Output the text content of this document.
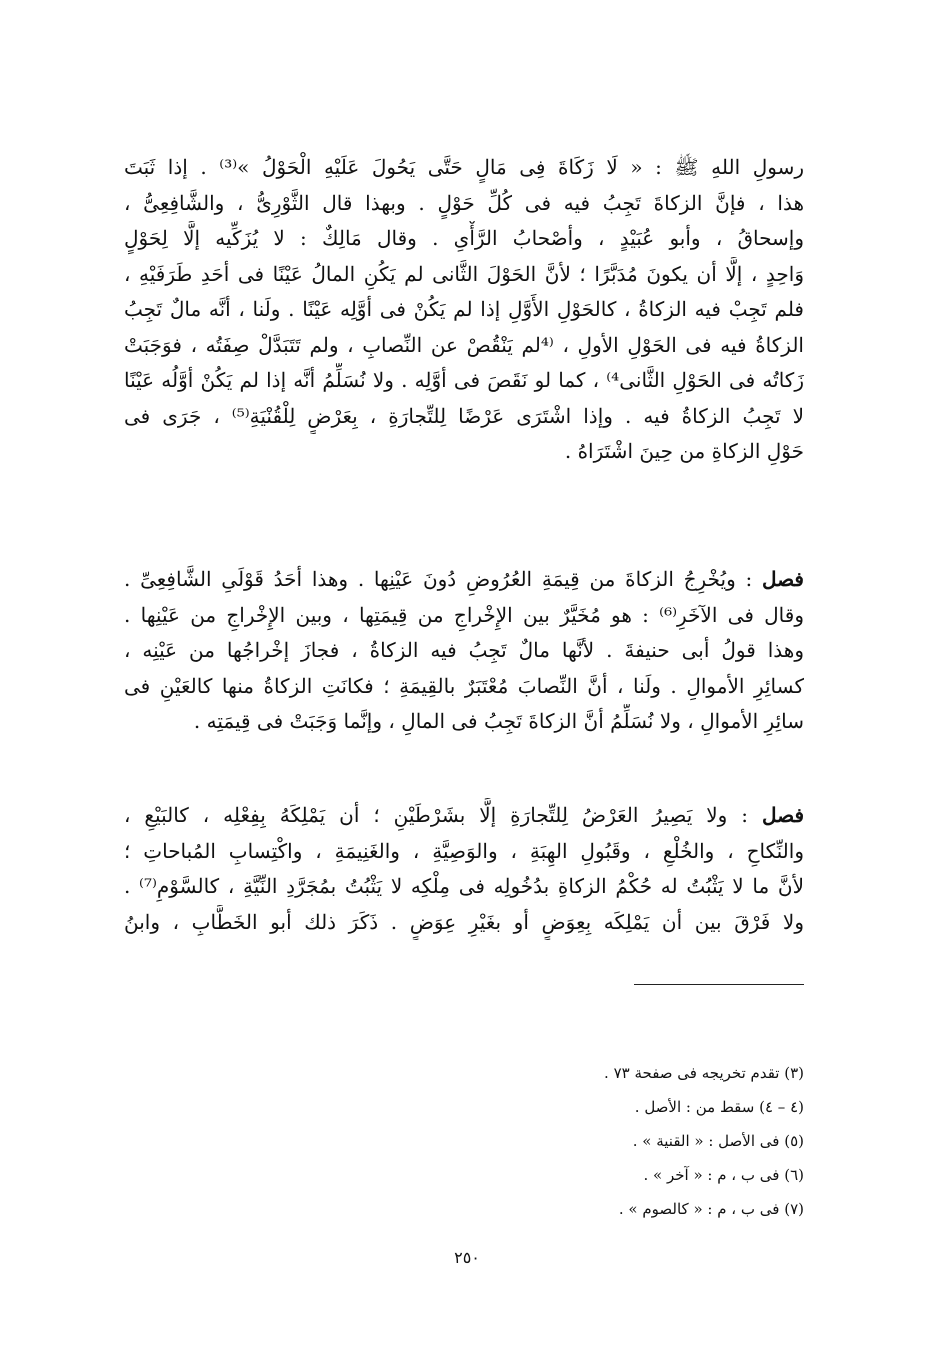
رسولِ اللهِ ﷺ : « لَا زَكَاةَ فِى مَالٍ حَتَّى يَحُولَ عَلَيْهِ الْحَوْلُ »⁽³⁾ . إذا ثَبَتَ
هذا ، فإنَّ الزكاةَ تَجِبُ فيه فى كُلِّ حَوْلٍ . وبهذا قال الثَّوْرِىُّ ، والشَّافِعِىُّ ،
وإسحاقُ ، وأبو عُبَيْدٍ ، وأصْحابُ الرَّأْىِ . وقال مَالِكٌ : لا يُزَكِّيه إلَّا لِحَوْلٍ
وَاحِدٍ ، إلَّا أن يكونَ مُدَبَّرًا ؛ لأنَّ الحَوْلَ الثَّانى لم يَكُنِ المالُ عَيْنًا فى أحَدِ طَرَفَيْهِ ،
فلم تَجِبْ فيه الزكاةُ ، كالحَوْلِ الأَوَّلِ إذا لم يَكُنْ فى أوَّلِه عَيْنًا . ولَنا ، أنَّه مالٌ تَجِبُ
الزكاةُ فيه فى الحَوْلِ الأولِ ، ⁽⁴لم يَنْقُصْ عن النِّصابِ ، ولم تَتَبَدَّلْ صِفَتُه ، فوَجَبَتْ
زَكاتُه فى الحَوْلِ الثَّانى⁴⁾ ، كما لو نَقَصَ فى أوَّلِه . ولا نُسَلِّمُ أنَّه إذا لم يَكُنْ أوَّلُه عَيْنًا
لا تَجِبُ الزكاةُ فيه . وإذا اشْتَرَى عَرْضًا لِلتِّجارَةِ ، بِعَرْضٍ لِلْقُنْيَةِ⁽⁵⁾ ، جَرَى فى
حَوْلِ الزكاةِ من حِينَ اشْتَرَاهُ .
فصل : ويُخْرِجُ الزكاةَ من قِيمَةِ العُرُوضِ دُونَ عَيْنِها . وهذا أحَدُ قَوْلَىِ الشَّافِعِىِّ .
وقال فى الآخَرِ⁽⁶⁾ : هو مُخَيَّرٌ بين الإِخْراجِ من قِيمَتِها ، وبين الإِخْراجِ من عَيْنِها .
وهذا قولُ أبى حنيفةَ . لأنَّها مالٌ تَجِبُ فيه الزكاةُ ، فجازَ إخْراجُها من عَيْنِه ،
كسائِرِ الأموالِ . ولَنا ، أنَّ النِّصابَ مُعْتَبَرٌ بالقِيمَةِ ؛ فكانَتِ الزكاةُ منها كالعَيْنِ فى
سائِرِ الأموالِ ، ولا نُسَلِّمُ أنَّ الزكاةَ تَجِبُ فى المالِ ، وإنَّما وَجَبَتْ فى قِيمَتِه .
فصل : ولا يَصِيرُ العَرْضُ لِلتِّجارَةِ إلَّا بشَرْطَيْنِ ؛ أن يَمْلِكَهُ بِفِعْلِه ، كالبَيْعِ ،
والنِّكاحِ ، والخُلْعِ ، وقَبُولِ الهِبَةِ ، والوَصِيَّةِ ، والغَنِيمَةِ ، واكْتِسابِ المُباحاتِ ؛
لأنَّ ما لا يَثْبُتُ له حُكْمُ الزكاةِ بدُخُولِه فى مِلْكِه لا يَثْبُتُ بمُجَرَّدِ النِّيَّةِ ، كالسَّوْمِ⁽⁷⁾ .
ولا فَرْقَ بين أن يَمْلِكَه بِعِوَضٍ أو بغَيْرِ عِوَضٍ . ذَكَرَ ذلك أبو الخَطَّابِ ، وابنُ
(٣) تقدم تخريجه فى صفحة ٧٣ .
(٤ – ٤) سقط من : الأصل .
(٥) فى الأصل : « القنية » .
(٦) فى ب ، م : « آخر » .
(٧) فى ب ، م : « كالصوم » .
٢٥٠
